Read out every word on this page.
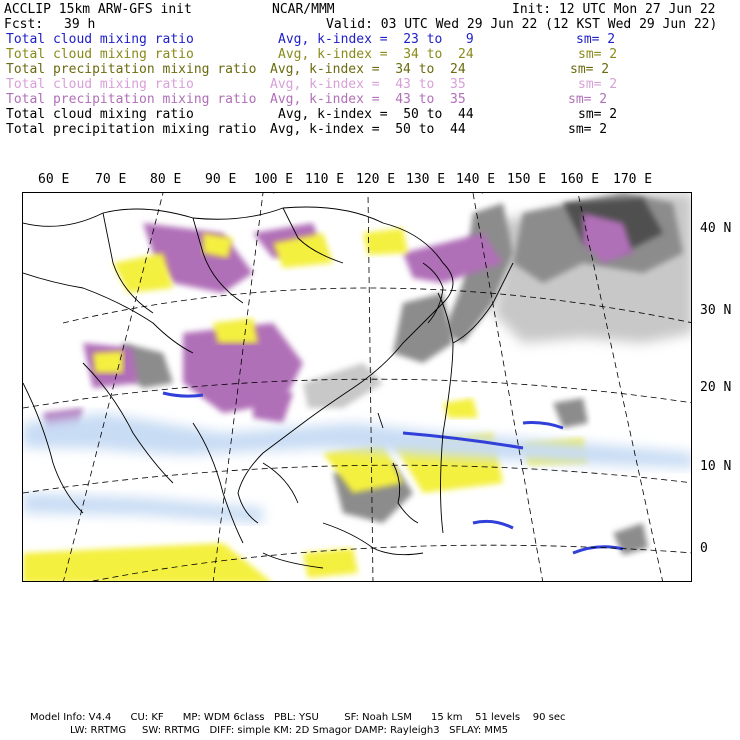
ACCLIP 15km ARW-GFS init	NCAR/MMM	Init: 12 UTC Mon 27 Jun 22
Fcst: 39 h	Valid: 03 UTC Wed 29 Jun 22 (12 KST Wed 29 Jun 22)
Total cloud mixing ratio	Avg, k-index =  23 to   9	sm= 2
Total cloud mixing ratio	Avg, k-index =  34 to  24	sm= 2
Total precipitation mixing ratio Avg, k-index =  34 to  24	sm= 2
Total cloud mixing ratio	Avg, k-index =  43 to  35	sm= 2
Total precipitation mixing ratio Avg, k-index =  43 to  35	sm= 2
Total cloud mixing ratio	Avg, k-index =  50 to  44	sm= 2
Total precipitation mixing ratio Avg, k-index =  50 to  44	sm= 2
60 E 70 E 80 E 90 E 100 E 110 E 120 E 130 E 140 E 150 E 160 E 170 E
40 N
30 N
20 N
10 N
0
Model Info: V4.4      CU: KF      MP: WDM 6class   PBL: YSU        SF: Noah LSM      15 km    51 levels    90 sec
LW: RRTMG     SW: RRTMG   DIFF: simple KM: 2D Smagor DAMP: Rayleigh3   SFLAY: MM5
